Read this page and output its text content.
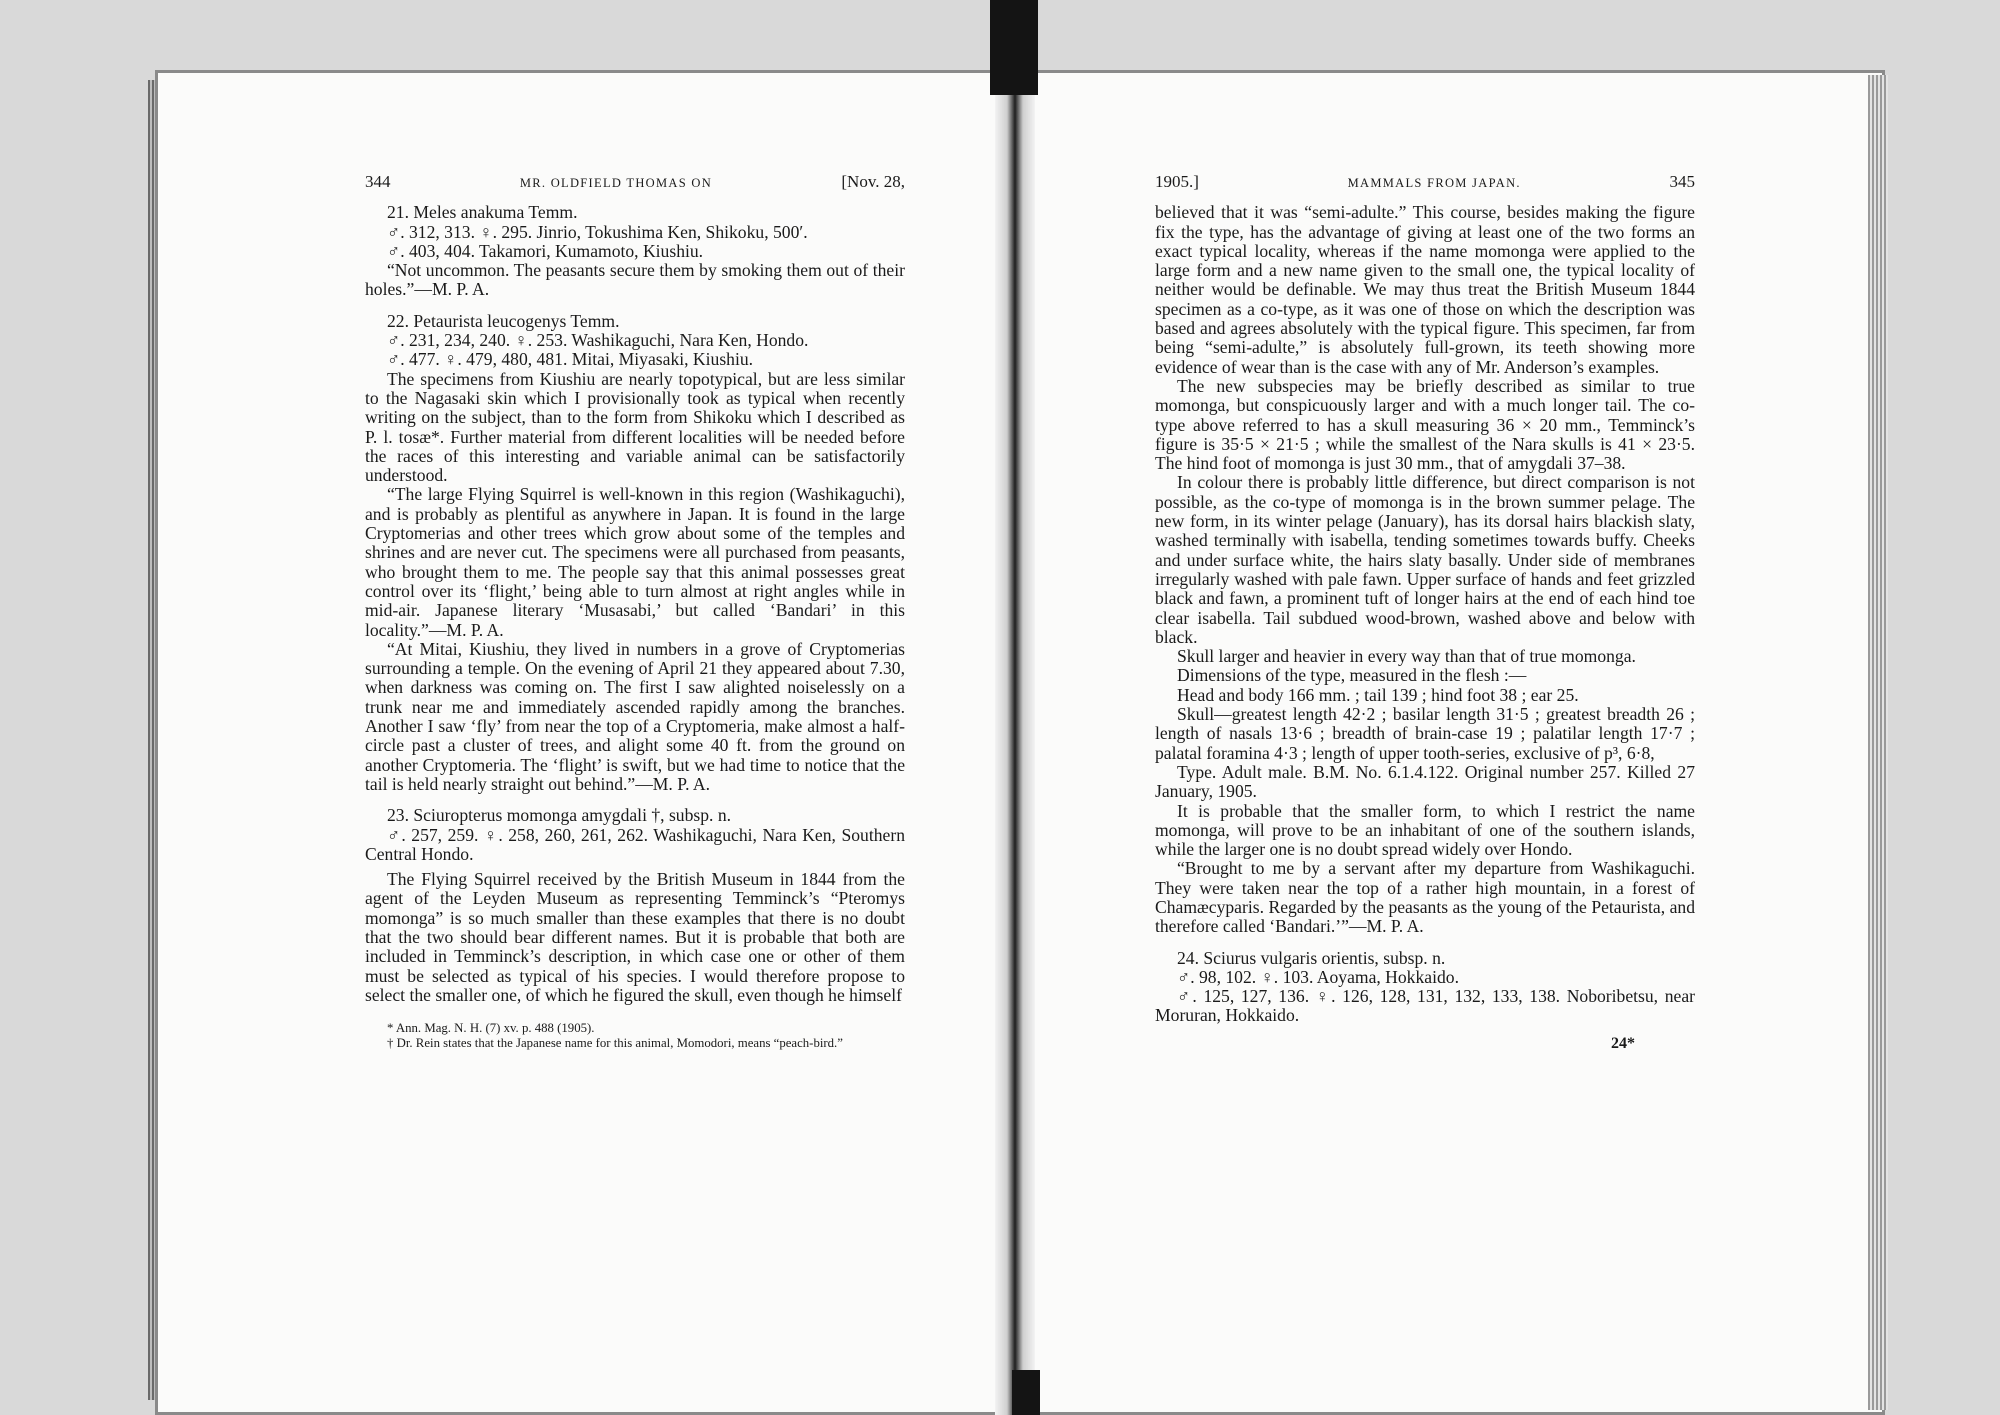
344	MR. OLDFIELD THOMAS ON	[Nov. 28,

21. Meles anakuma Temm.

♂. 312, 313. ♀. 295. Jinrio, Tokushima Ken, Shikoku, 500′.

♂. 403, 404. Takamori, Kumamoto, Kiushiu.

“Not uncommon. The peasants secure them by smoking them out of their holes.”—M. P. A.

22. Petaurista leucogenys Temm.

♂. 231, 234, 240. ♀. 253. Washikaguchi, Nara Ken, Hondo.

♂. 477. ♀. 479, 480, 481. Mitai, Miyasaki, Kiushiu.

The specimens from Kiushiu are nearly topotypical, but are less similar to the Nagasaki skin which I provisionally took as typical when recently writing on the subject, than to the form from Shikoku which I described as P. l. tosæ*. Further material from different localities will be needed before the races of this interesting and variable animal can be satisfactorily understood.

“The large Flying Squirrel is well-known in this region (Washikaguchi), and is probably as plentiful as anywhere in Japan. It is found in the large Cryptomerias and other trees which grow about some of the temples and shrines and are never cut. The specimens were all purchased from peasants, who brought them to me. The people say that this animal possesses great control over its ‘flight,’ being able to turn almost at right angles while in mid-air. Japanese literary ‘Musasabi,’ but called ‘Bandari’ in this locality.”—M. P. A.

“At Mitai, Kiushiu, they lived in numbers in a grove of Cryptomerias surrounding a temple. On the evening of April 21 they appeared about 7.30, when darkness was coming on. The first I saw alighted noiselessly on a trunk near me and immediately ascended rapidly among the branches. Another I saw ‘fly’ from near the top of a Cryptomeria, make almost a half-circle past a cluster of trees, and alight some 40 ft. from the ground on another Cryptomeria. The ‘flight’ is swift, but we had time to notice that the tail is held nearly straight out behind.”—M. P. A.

23. Sciuropterus momonga amygdali †, subsp. n.

♂. 257, 259. ♀. 258, 260, 261, 262. Washikaguchi, Nara Ken, Southern Central Hondo.

The Flying Squirrel received by the British Museum in 1844 from the agent of the Leyden Museum as representing Temminck’s “Pteromys momonga” is so much smaller than these examples that there is no doubt that the two should bear different names. But it is probable that both are included in Temminck’s description, in which case one or other of them must be selected as typical of his species. I would therefore propose to select the smaller one, of which he figured the skull, even though he himself

* Ann. Mag. N. H. (7) xv. p. 488 (1905).

† Dr. Rein states that the Japanese name for this animal, Momodori, means “peach-bird.”

1905.]	MAMMALS FROM JAPAN.	345

believed that it was “semi-adulte.” This course, besides making the figure fix the type, has the advantage of giving at least one of the two forms an exact typical locality, whereas if the name momonga were applied to the large form and a new name given to the small one, the typical locality of neither would be definable. We may thus treat the British Museum 1844 specimen as a co-type, as it was one of those on which the description was based and agrees absolutely with the typical figure. This specimen, far from being “semi-adulte,” is absolutely full-grown, its teeth showing more evidence of wear than is the case with any of Mr. Anderson’s examples.

The new subspecies may be briefly described as similar to true momonga, but conspicuously larger and with a much longer tail. The co-type above referred to has a skull measuring 36 × 20 mm., Temminck’s figure is 35·5 × 21·5 ; while the smallest of the Nara skulls is 41 × 23·5. The hind foot of momonga is just 30 mm., that of amygdali 37–38.

In colour there is probably little difference, but direct comparison is not possible, as the co-type of momonga is in the brown summer pelage. The new form, in its winter pelage (January), has its dorsal hairs blackish slaty, washed terminally with isabella, tending sometimes towards buffy. Cheeks and under surface white, the hairs slaty basally. Under side of membranes irregularly washed with pale fawn. Upper surface of hands and feet grizzled black and fawn, a prominent tuft of longer hairs at the end of each hind toe clear isabella. Tail subdued wood-brown, washed above and below with black.

Skull larger and heavier in every way than that of true momonga.

Dimensions of the type, measured in the flesh :—

Head and body 166 mm. ; tail 139 ; hind foot 38 ; ear 25.

Skull—greatest length 42·2 ; basilar length 31·5 ; greatest breadth 26 ; length of nasals 13·6 ; breadth of brain-case 19 ; palatilar length 17·7 ; palatal foramina 4·3 ; length of upper tooth-series, exclusive of p³, 6·8,

Type. Adult male. B.M. No. 6.1.4.122. Original number 257. Killed 27 January, 1905.

It is probable that the smaller form, to which I restrict the name momonga, will prove to be an inhabitant of one of the southern islands, while the larger one is no doubt spread widely over Hondo.

“Brought to me by a servant after my departure from Washikaguchi. They were taken near the top of a rather high mountain, in a forest of Chamæcyparis. Regarded by the peasants as the young of the Petaurista, and therefore called ‘Bandari.’”—M. P. A.

24. Sciurus vulgaris orientis, subsp. n.

♂. 98, 102. ♀. 103. Aoyama, Hokkaido.

♂. 125, 127, 136. ♀. 126, 128, 131, 132, 133, 138. Noboribetsu, near Moruran, Hokkaido.

24*
